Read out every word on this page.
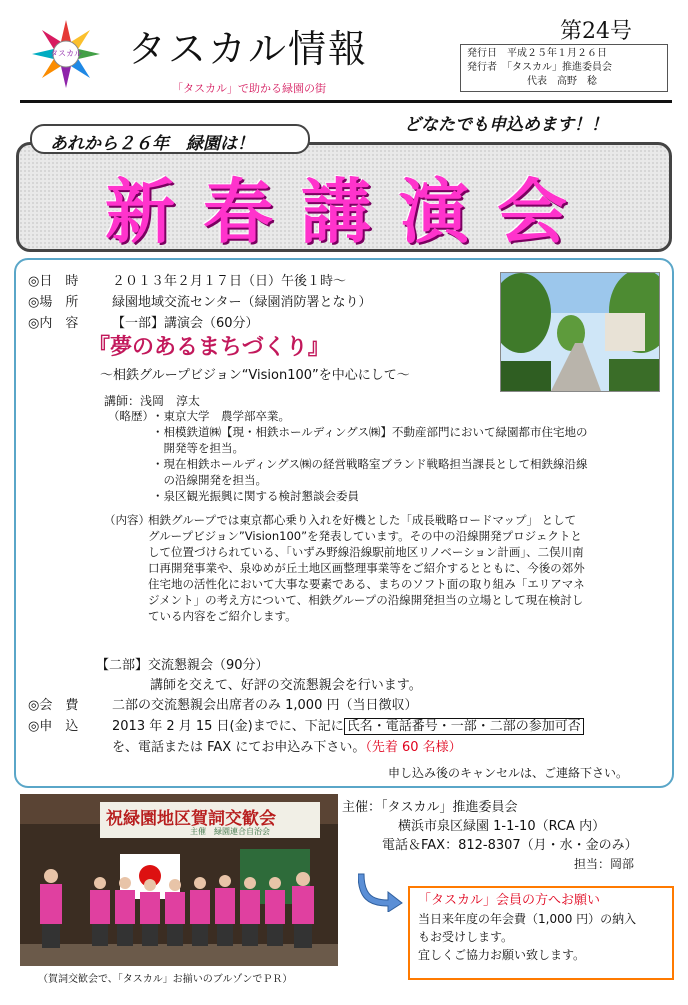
タスカル タスカル情報
「タスカル」で助かる緑園の街
第24号
発行日　平成２５年１月２６日
発行者　「タスカル」推進委員会
代表　高野　稔
どなたでも申込めます！！
あれから２６年　緑園は！
新春講演会
◎日　時	２０１３年２月１７日（日）午後１時～
◎場　所	緑園地域交流センター（緑園消防署となり）
◎内　容	【一部】講演会（60分）
『夢のあるまちづくり』
～相鉄グループビジョン“Vision100”を中心にして～
講師：浅岡　淳太
（略歴）
・東京大学　農学部卒業。
・相模鉄道㈱【現・相鉄ホールディングス㈱】不動産部門において緑園都市住宅地の
　開発等を担当。
・現在相鉄ホールディングス㈱の経営戦略室ブランド戦略担当課長として相鉄線沿線
　の沿線開発を担当。
・泉区観光振興に関する検討懇談会委員
（内容）
相鉄グループでは東京都心乗り入れを好機とした「成長戦略ロードマップ」 として
グループビジョン”Vision100”を発表しています。その中の沿線開発プロジェクトと
して位置づけられている、「いずみ野線沿線駅前地区リノベーション計画」、二俣川南
口再開発事業や、泉ゆめが丘土地区画整理事業等をご紹介するとともに、今後の郊外
住宅地の活性化において大事な要素である、まちのソフト面の取り組み「エリアマネ
ジメント」の考え方について、相鉄グループの沿線開発担当の立場として現在検討し
ている内容をご紹介します。
【二部】交流懇親会（90分）
講師を交えて、好評の交流懇親会を行います。
◎会　費	二部の交流懇親会出席者のみ 1,000 円（当日徴収）
◎申　込	2013 年 2 月 15 日(金)までに、下記に 氏名・電話番号・一部・二部の参加可否
を、電話または FAX にてお申込み下さい。（先着 60 名様）
申し込み後のキャンセルは、ご連絡下さい。
祝緑園地区賀詞交歓会
主催　緑園連合自治会
（賀詞交歓会で、「タスカル」お揃いのブルゾンでＰＲ）
主催：「タスカル」推進委員会
横浜市泉区緑園 1-1-10（RCA 内）
電話＆FAX：812-8307（月・水・金のみ）
担当：岡部
「タスカル」会員の方へお願い
当日来年度の年会費（1,000 円）の納入
もお受けします。
宜しくご協力お願い致します。
